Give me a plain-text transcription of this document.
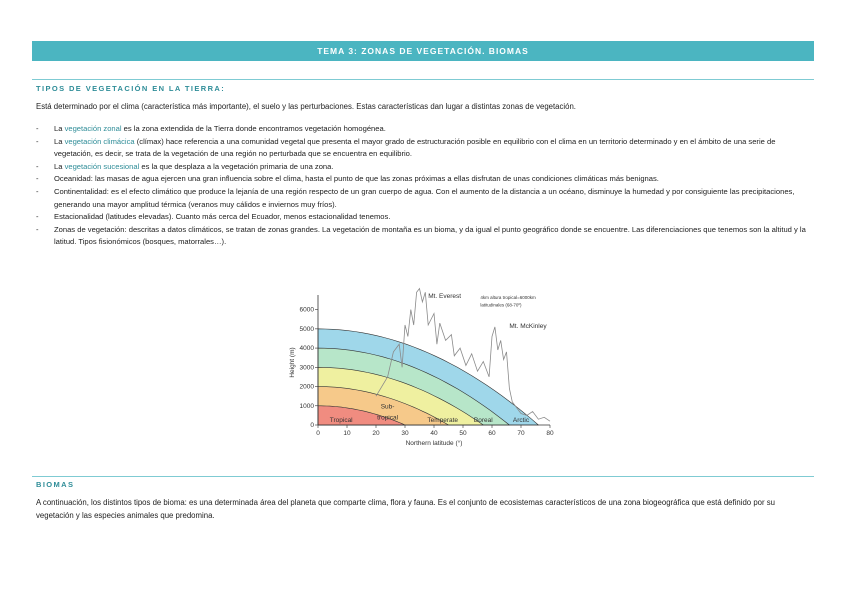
TEMA 3: ZONAS DE VEGETACIÓN. BIOMAS
TIPOS DE VEGETACIÓN EN LA TIERRA:
Está determinado por el clima (característica más importante), el suelo y las perturbaciones. Estas características dan lugar a distintas zonas de vegetación.
- La vegetación zonal es la zona extendida de la Tierra donde encontramos vegetación homogénea.
- La vegetación climácica (clímax) hace referencia a una comunidad vegetal que presenta el mayor grado de estructuración posible en equilibrio con el clima en un territorio determinado y en el ámbito de una serie de vegetación, es decir, se trata de la vegetación de una región no perturbada que se encuentra en equilibrio.
- La vegetación sucesional es la que desplaza a la vegetación primaria de una zona.
- Oceanidad: las masas de agua ejercen una gran influencia sobre el clima, hasta el punto de que las zonas próximas a ellas disfrutan de unas condiciones climáticas más benignas.
- Continentalidad: es el efecto climático que produce la lejanía de una región respecto de un gran cuerpo de agua. Con el aumento de la distancia a un océano, disminuye la humedad y por consiguiente las precipitaciones, generando una mayor amplitud térmica (veranos muy cálidos e inviernos muy fríos).
- Estacionalidad (latitudes elevadas). Cuanto más cerca del Ecuador, menos estacionalidad tenemos.
- Zonas de vegetación: descritas a datos climáticos, se tratan de zonas grandes. La vegetación de montaña es un bioma, y da igual el punto geográfico donde se encuentre. Las diferenciaciones que tenemos son la altitud y la latitud. Tipos fisionómicos (bosques, matorrales…).
0	10	20	30	40	50	60	70	80
0
1000
2000
3000
4000
5000
6000
Northern latitude (°)
Height (m)
Tropical
Sub-
tropical	Temperate Boreal	Arctic
Mt. Everest
Mt. McKinley
4km altura tropical=6000km
latitudinales (68-70º)
BIOMAS
A continuación, los distintos tipos de bioma: es una determinada área del planeta que comparte clima, flora y fauna. Es el conjunto de ecosistemas característicos de una zona biogeográfica que está definido por su vegetación y las especies animales que predomina.
